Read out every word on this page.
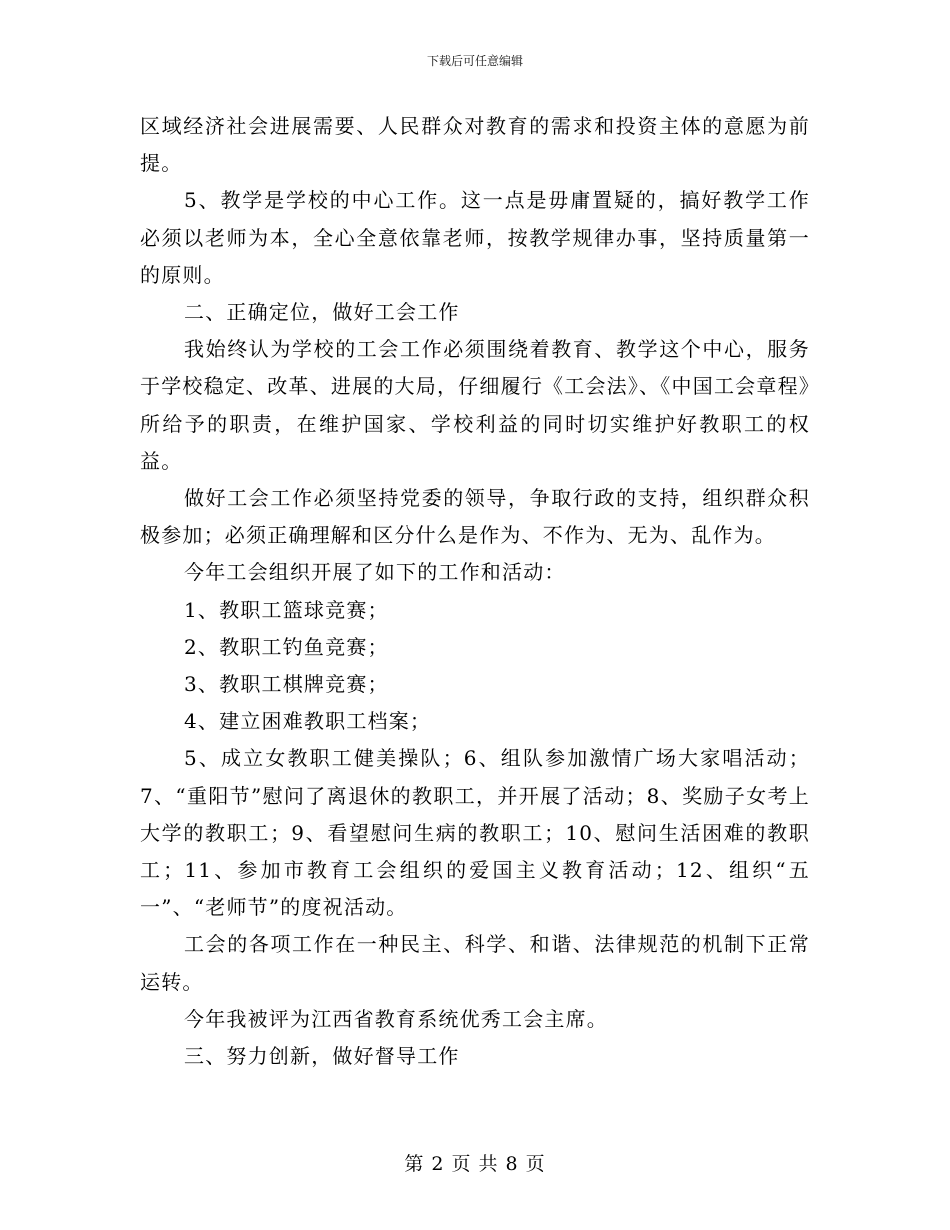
下载后可任意编辑

区域经济社会进展需要、人民群众对教育的需求和投资主体的意愿为前提。

5、教学是学校的中心工作。这一点是毋庸置疑的，搞好教学工作必须以老师为本，全心全意依靠老师，按教学规律办事，坚持质量第一的原则。

二、正确定位，做好工会工作

我始终认为学校的工会工作必须围绕着教育、教学这个中心，服务于学校稳定、改革、进展的大局，仔细履行《工会法》、《中国工会章程》所给予的职责，在维护国家、学校利益的同时切实维护好教职工的权益。

做好工会工作必须坚持党委的领导，争取行政的支持，组织群众积极参加；必须正确理解和区分什么是作为、不作为、无为、乱作为。

今年工会组织开展了如下的工作和活动：

1、教职工篮球竞赛；

2、教职工钓鱼竞赛；

3、教职工棋牌竞赛；

4、建立困难教职工档案；

5、成立女教职工健美操队；6、组队参加激情广场大家唱活动；7、“重阳节”慰问了离退休的教职工，并开展了活动；8、奖励子女考上大学的教职工；9、看望慰问生病的教职工；10、慰问生活困难的教职工；11、参加市教育工会组织的爱国主义教育活动；12、组织“五一”、“老师节”的度祝活动。

工会的各项工作在一种民主、科学、和谐、法律规范的机制下正常运转。

今年我被评为江西省教育系统优秀工会主席。

三、努力创新，做好督导工作

第 2 页 共 8 页
